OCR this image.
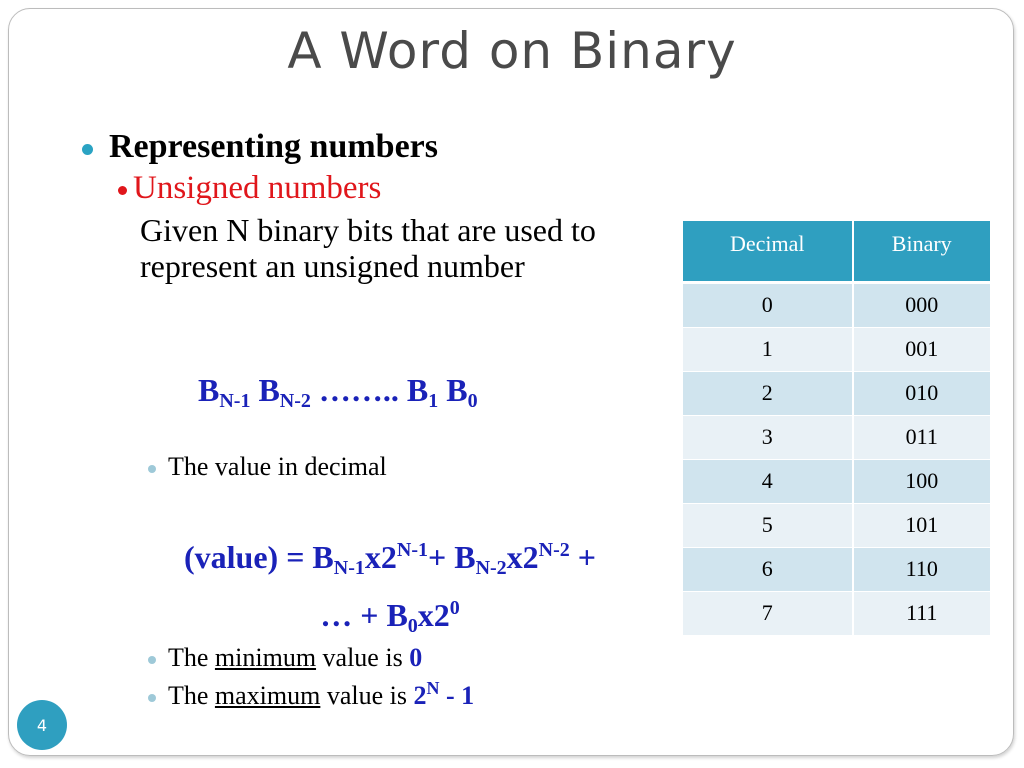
A Word on Binary
Representing numbers
Unsigned numbers
Given N binary bits that are used to represent an unsigned number
$B_{N-1}$ $B_{N-2}$ …….. $B_1$ $B_0$
The value in decimal
(value) = $B_{N-1}x2^{N-1}+ B_{N-2}x2^{N-2}$ +
… + $B_0x2^0$
The minimum value is 0
The maximum value is $2^N - 1$
Decimal	Binary
0	000
1	001
2	010
3	011
4	100
5	101
6	110
7	111
4
